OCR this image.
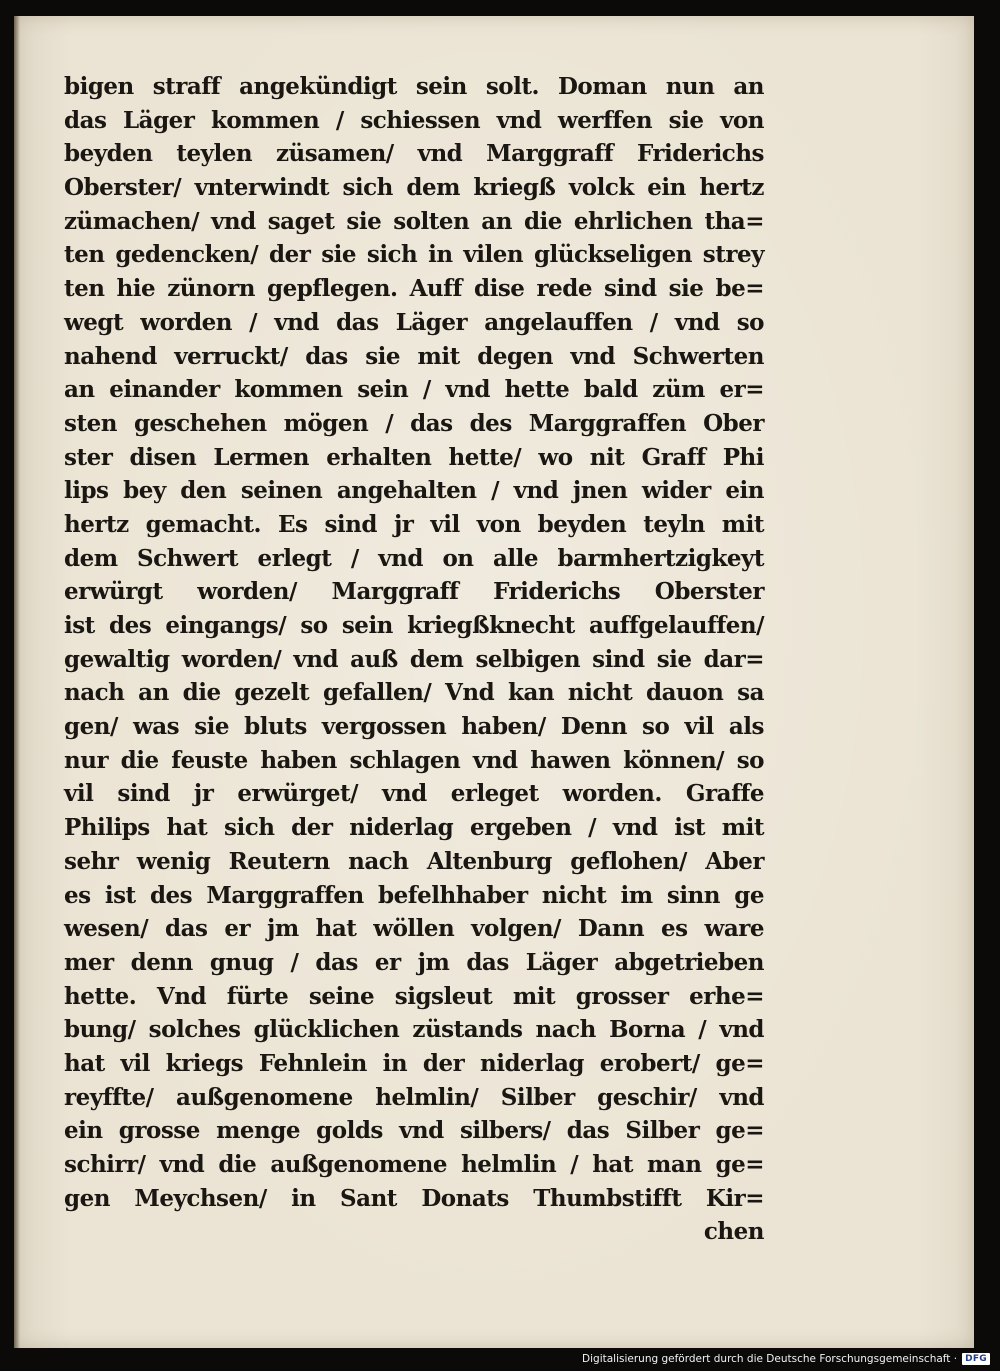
bigen straff angekündigt sein solt. Doman nun an
das Läger kommen / schiessen vnd werffen sie von
beyden teylen züsamen/ vnd Marggraff Friderichs
Oberster/ vnterwindt sich dem kriegß volck ein hertz
zümachen/ vnd saget sie solten an die ehrlichen tha=
ten gedencken/ der sie sich in vilen glückseligen strey
ten hie zünorn gepflegen. Auff dise rede sind sie be=
wegt worden / vnd das Läger angelauffen / vnd so
nahend verruckt/ das sie mit degen vnd Schwerten
an einander kommen sein / vnd hette bald züm er=
sten geschehen mögen / das des Marggraffen Ober
ster disen Lermen erhalten hette/ wo nit Graff Phi
lips bey den seinen angehalten / vnd jnen wider ein
hertz gemacht. Es sind jr vil von beyden teyln mit
dem Schwert erlegt / vnd on alle barmhertzigkeyt
erwürgt worden/ Marggraff Friderichs Oberster
ist des eingangs/ so sein kriegßknecht auffgelauffen/
gewaltig worden/ vnd auß dem selbigen sind sie dar=
nach an die gezelt gefallen/ Vnd kan nicht dauon sa
gen/ was sie bluts vergossen haben/ Denn so vil als
nur die feuste haben schlagen vnd hawen können/ so
vil sind jr erwürget/ vnd erleget worden. Graffe
Philips hat sich der niderlag ergeben / vnd ist mit
sehr wenig Reutern nach Altenburg geflohen/ Aber
es ist des Marggraffen befelhhaber nicht im sinn ge
wesen/ das er jm hat wöllen volgen/ Dann es ware
mer denn gnug / das er jm das Läger abgetrieben
hette. Vnd fürte seine sigsleut mit grosser erhe=
bung/ solches glücklichen züstands nach Borna / vnd
hat vil kriegs Fehnlein in der niderlag erobert/ ge=
reyffte/ außgenomene helmlin/ Silber geschir/ vnd
ein grosse menge golds vnd silbers/ das Silber ge=
schirr/ vnd die außgenomene helmlin / hat man ge=
gen Meychsen/ in Sant Donats Thumbstifft Kir=
chen
Digitalisierung gefördert durch die Deutsche Forschungsgemeinschaft · DFG
